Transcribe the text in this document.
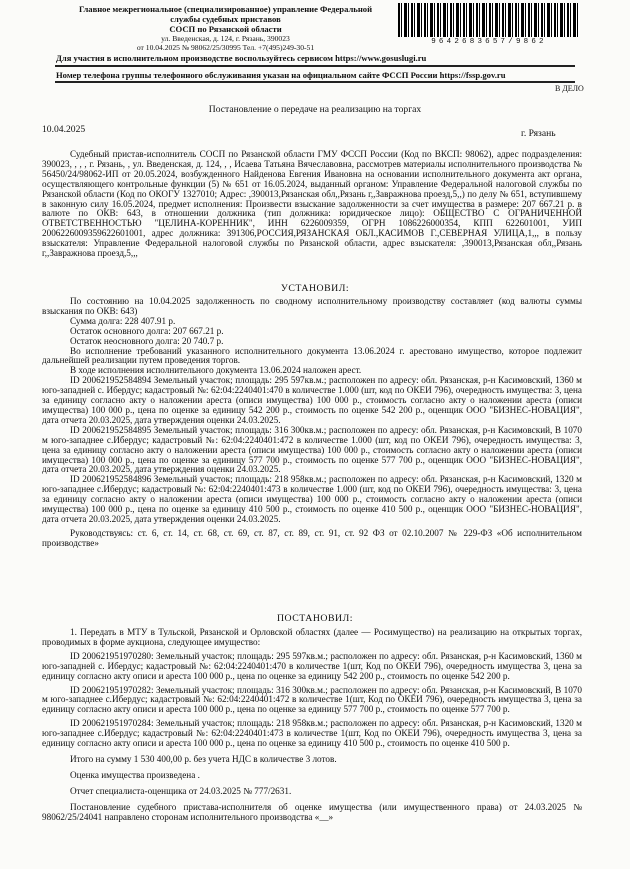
Главное межрегиональное (специализированное) управление Федеральной
службы судебных приставов
СОСП по Рязанской области
ул. Введенская, д. 124, г. Рязань, 390023
от 10.04.2025 № 98062/25/30995 Тел. +7(495)249-30-51
9642683657/9862
Для участия в исполнительном производстве воспользуйтесь сервисом https://www.gosuslugi.ru
Номер телефона группы телефонного обслуживания указан на официальном сайте ФССП России https://fssp.gov.ru
В ДЕЛО
Постановление о передаче на реализацию на торгах
10.04.2025	г. Рязань

Судебный пристав-исполнитель СОСП по Рязанской области ГМУ ФССП России (Код по ВКСП: 98062), адрес подразделения: 390023, , , , г. Рязань, , ул. Введенская, д. 124, , , Исаева Татьяна Вячеславовна, рассмотрев материалы исполнительного производства № 56450/24/98062-ИП от 20.05.2024, возбужденного Найденова Евгения Ивановна на основании исполнительного документа акт органа, осуществляющего контрольные функции (5) № 651 от 16.05.2024, выданный органом: Управление Федеральной налоговой службы по Рязанской области (Код по ОКОГУ 1327010; Адрес: ,390013,Рязанская обл,,Рязань г,,Завражнова проезд,5,,) по делу № 651, вступившему в законную силу 16.05.2024, предмет исполнения: Произвести взыскание задолженности за счет имущества в размере: 207 667.21 р. в валюте по ОКВ: 643, в отношении должника (тип должника: юридическое лицо): ОБЩЕСТВО С ОГРАНИЧЕННОЙ ОТВЕТСТВЕННОСТЬЮ "ЦЕЛИНА-КОРЕННИК", ИНН 6226009359, ОГРН 1086226000354, КПП 622601001, УИП 2006226009359622601001, адрес должника: 391306,РОССИЯ,РЯЗАНСКАЯ ОБЛ.,КАСИМОВ Г.,СЕВЕРНАЯ УЛИЦА,1,,, в пользу взыскателя: Управление Федеральной налоговой службы по Рязанской области, адрес взыскателя: ,390013,Рязанская обл,,Рязань г,,Завражнова проезд,5,,,

УСТАНОВИЛ:

По состоянию на 10.04.2025 задолженность по сводному исполнительному производству составляет (код валюты суммы взыскания по ОКВ: 643)

Сумма долга: 228 407.91 р.

Остаток основного долга: 207 667.21 р.

Остаток неосновного долга: 20 740.7 р.

Во исполнение требований указанного исполнительного документа 13.06.2024 г. арестовано имущество, которое подлежит дальнейшей реализации путем проведения торгов.

В ходе исполнения исполнительного документа 13.06.2024 наложен арест.

ID 200621952584894 Земельный участок; площадь: 295 597кв.м.; расположен по адресу: обл. Рязанская, р-н Касимовский, 1360 м юго-западней с. Ибердус; кадастровый №: 62:04:2240401:470 в количестве 1.000 (шт, код по ОКЕИ 796), очередность имущества: 3, цена за единицу согласно акту о наложении ареста (описи имущества) 100 000 р., стоимость согласно акту о наложении ареста (описи имущества) 100 000 р., цена по оценке за единицу 542 200 р., стоимость по оценке 542 200 р., оценщик ООО "БИЗНЕС-НОВАЦИЯ", дата отчета 20.03.2025, дата утверждения оценки 24.03.2025.

ID 200621952584895 Земельный участок; площадь: 316 300кв.м.; расположен по адресу: обл. Рязанская, р-н Касимовский, В 1070 м юго-западнее с.Ибердус; кадастровый №: 62:04:2240401:472 в количестве 1.000 (шт, код по ОКЕИ 796), очередность имущества: 3, цена за единицу согласно акту о наложении ареста (описи имущества) 100 000 р., стоимость согласно акту о наложении ареста (описи имущества) 100 000 р., цена по оценке за единицу 577 700 р., стоимость по оценке 577 700 р., оценщик ООО "БИЗНЕС-НОВАЦИЯ", дата отчета 20.03.2025, дата утверждения оценки 24.03.2025.

ID 200621952584896 Земельный участок; площадь: 218 958кв.м.; расположен по адресу: обл. Рязанская, р-н Касимовский, 1320 м юго-западнее с.Ибердус; кадастровый №: 62:04:2240401:473 в количестве 1.000 (шт, код по ОКЕИ 796), очередность имущества: 3, цена за единицу согласно акту о наложении ареста (описи имущества) 100 000 р., стоимость согласно акту о наложении ареста (описи имущества) 100 000 р., цена по оценке за единицу 410 500 р., стоимость по оценке 410 500 р., оценщик ООО "БИЗНЕС-НОВАЦИЯ", дата отчета 20.03.2025, дата утверждения оценки 24.03.2025.

Руководствуясь: ст. 6, ст. 14, ст. 68, ст. 69, ст. 87, ст. 89, ст. 91, ст. 92 ФЗ от 02.10.2007 № 229-ФЗ «Об исполнительном производстве»

ПОСТАНОВИЛ:

1. Передать в МТУ в Тульской, Рязанской и Орловской областях (далее — Росимущество) на реализацию на открытых торгах, проводимых в форме аукциона, следующее имущество:

ID 200621951970280: Земельный участок; площадь: 295 597кв.м.; расположен по адресу: обл. Рязанская, р-н Касимовский, 1360 м юго-западней с. Ибердус; кадастровый №: 62:04:2240401:470 в количестве 1(шт, Код по ОКЕИ 796), очередность имущества 3, цена за единицу согласно акту описи и ареста 100 000 р., цена по оценке за единицу 542 200 р., стоимость по оценке 542 200 р.

ID 200621951970282: Земельный участок; площадь: 316 300кв.м.; расположен по адресу: обл. Рязанская, р-н Касимовский, В 1070 м юго-западнее с.Ибердус; кадастровый №: 62:04:2240401:472 в количестве 1(шт, Код по ОКЕИ 796), очередность имущества 3, цена за единицу согласно акту описи и ареста 100 000 р., цена по оценке за единицу 577 700 р., стоимость по оценке 577 700 р.

ID 200621951970284: Земельный участок; площадь: 218 958кв.м.; расположен по адресу: обл. Рязанская, р-н Касимовский, 1320 м юго-западнее с.Ибердус; кадастровый №: 62:04:2240401:473 в количестве 1(шт, Код по ОКЕИ 796), очередность имущества 3, цена за единицу согласно акту описи и ареста 100 000 р., цена по оценке за единицу 410 500 р., стоимость по оценке 410 500 р.

Итого на сумму 1 530 400,00 р. без учета НДС в количестве 3 лотов.

Оценка имущества произведена .

Отчет специалиста-оценщика от 24.03.2025 № 777/2631.

Постановление судебного пристава-исполнителя об оценке имущества (или имущественного права) от 24.03.2025 № 98062/25/24041 направлено сторонам исполнительного производства «__»
